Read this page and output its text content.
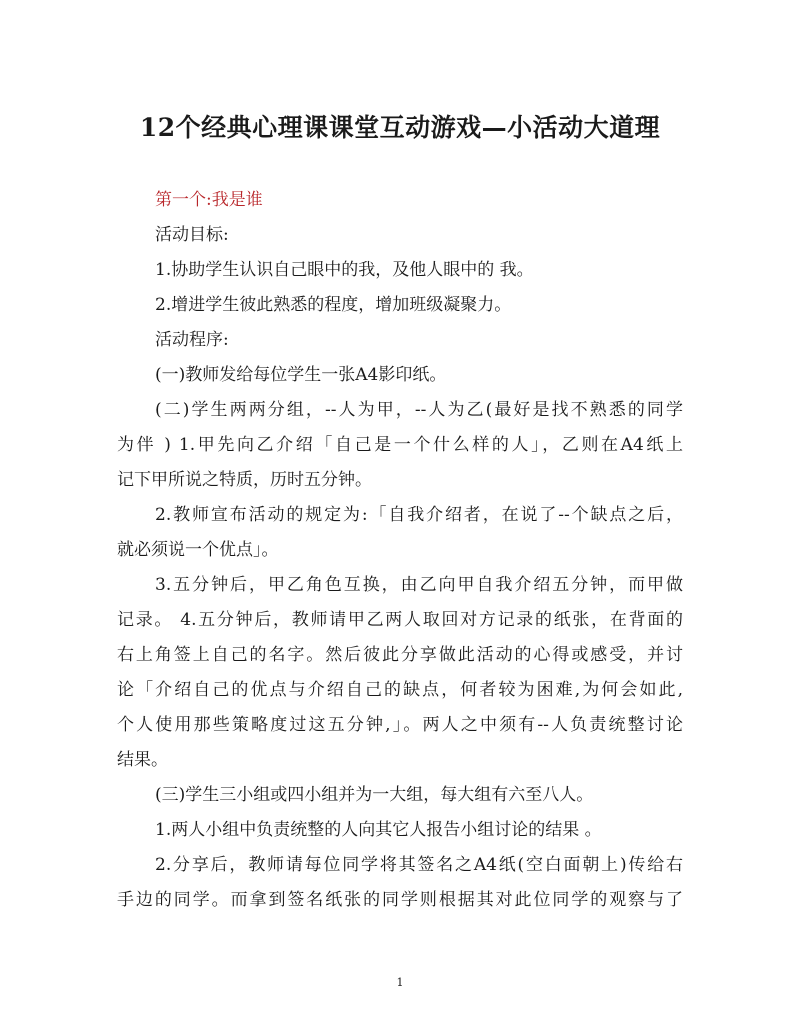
12个经典心理课课堂互动游戏—小活动大道理
第一个:我是谁
活动目标:
1.协助学生认识自己眼中的我，及他人眼中的 我。
2.增进学生彼此熟悉的程度，增加班级凝聚力。
活动程序:
(一)教师发给每位学生一张A4影印纸。
(二)学生两两分组，--人为甲，--人为乙(最好是找不熟悉的同学
为伴 ) 1.甲先向乙介绍「自己是一个什么样的人」，乙则在A4纸上
记下甲所说之特质，历时五分钟。
2.教师宣布活动的规定为:「自我介绍者，在说了--个缺点之后，
就必须说一个优点」。
3.五分钟后，甲乙角色互换，由乙向甲自我介绍五分钟，而甲做
记录。 4.五分钟后，教师请甲乙两人取回对方记录的纸张，在背面的
右上角签上自己的名字。然后彼此分享做此活动的心得或感受，并讨
论「介绍自己的优点与介绍自己的缺点，何者较为困难,为何会如此,
个人使用那些策略度过这五分钟,」。两人之中须有--人负责统整讨论
结果。
(三)学生三小组或四小组并为一大组，每大组有六至八人。
1.两人小组中负责统整的人向其它人报告小组讨论的结果 。
2.分享后，教师请每位同学将其签名之A4纸(空白面朝上)传给右
手边的同学。而拿到签名纸张的同学则根据其对此位同学的观察与了
1
